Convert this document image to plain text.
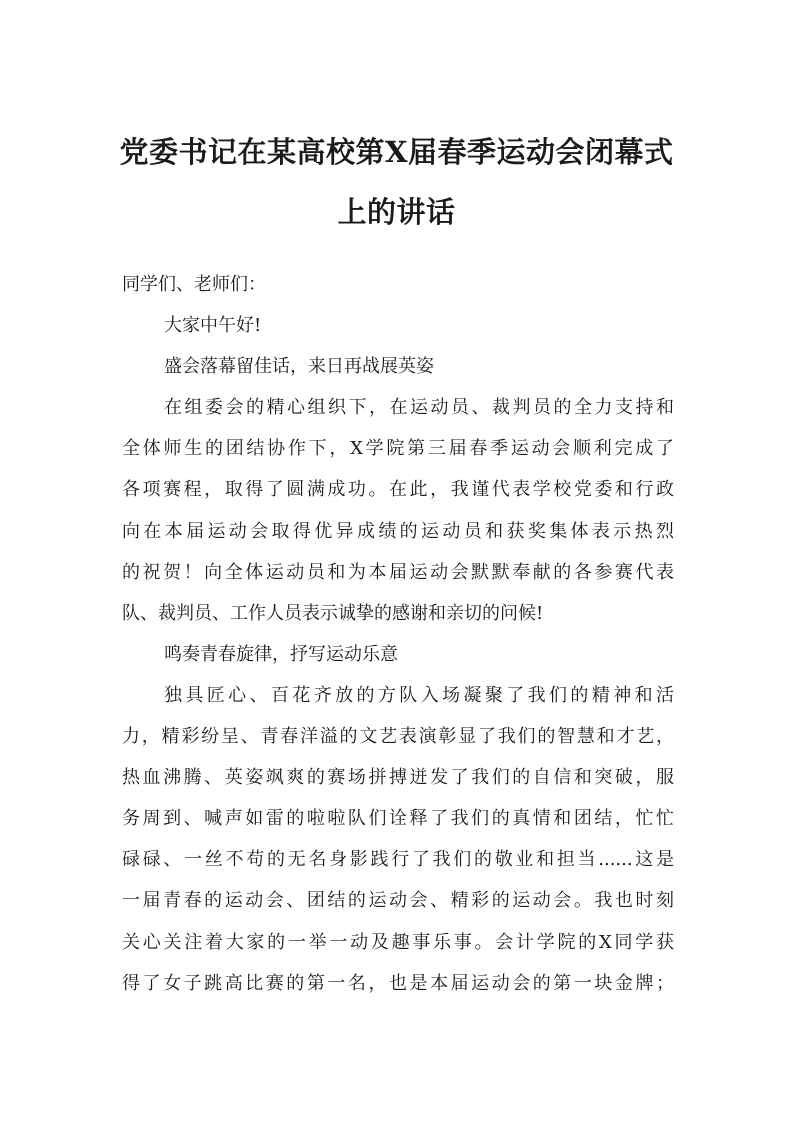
党委书记在某高校第X届春季运动会闭幕式
上的讲话
同学们、老师们：
大家中午好!
盛会落幕留佳话，来日再战展英姿
在组委会的精心组织下，在运动员、裁判员的全力支持和
全体师生的团结协作下，X学院第三届春季运动会顺利完成了
各项赛程，取得了圆满成功。在此，我谨代表学校党委和行政
向在本届运动会取得优异成绩的运动员和获奖集体表示热烈
的祝贺！向全体运动员和为本届运动会默默奉献的各参赛代表
队、裁判员、工作人员表示诚挚的感谢和亲切的问候!
鸣奏青春旋律，抒写运动乐意
独具匠心、百花齐放的方队入场凝聚了我们的精神和活
力，精彩纷呈、青春洋溢的文艺表演彰显了我们的智慧和才艺，
热血沸腾、英姿飒爽的赛场拼搏迸发了我们的自信和突破，服
务周到、喊声如雷的啦啦队们诠释了我们的真情和团结，忙忙
碌碌、一丝不苟的无名身影践行了我们的敬业和担当......这是
一届青春的运动会、团结的运动会、精彩的运动会。我也时刻
关心关注着大家的一举一动及趣事乐事。会计学院的X同学获
得了女子跳高比赛的第一名，也是本届运动会的第一块金牌；
